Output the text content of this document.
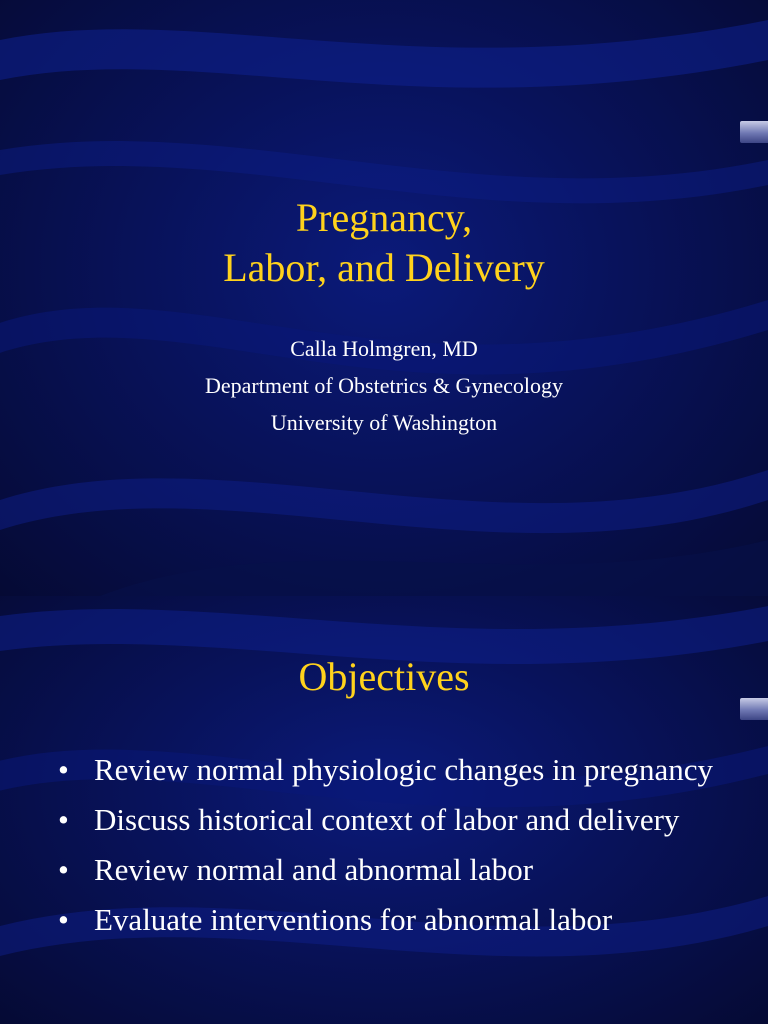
Pregnancy,
Labor, and Delivery
Calla Holmgren, MD
Department of Obstetrics & Gynecology
University of Washington
Objectives
• Review normal physiologic changes in pregnancy
• Discuss historical context of labor and delivery
• Review normal and abnormal labor
• Evaluate interventions for abnormal labor
